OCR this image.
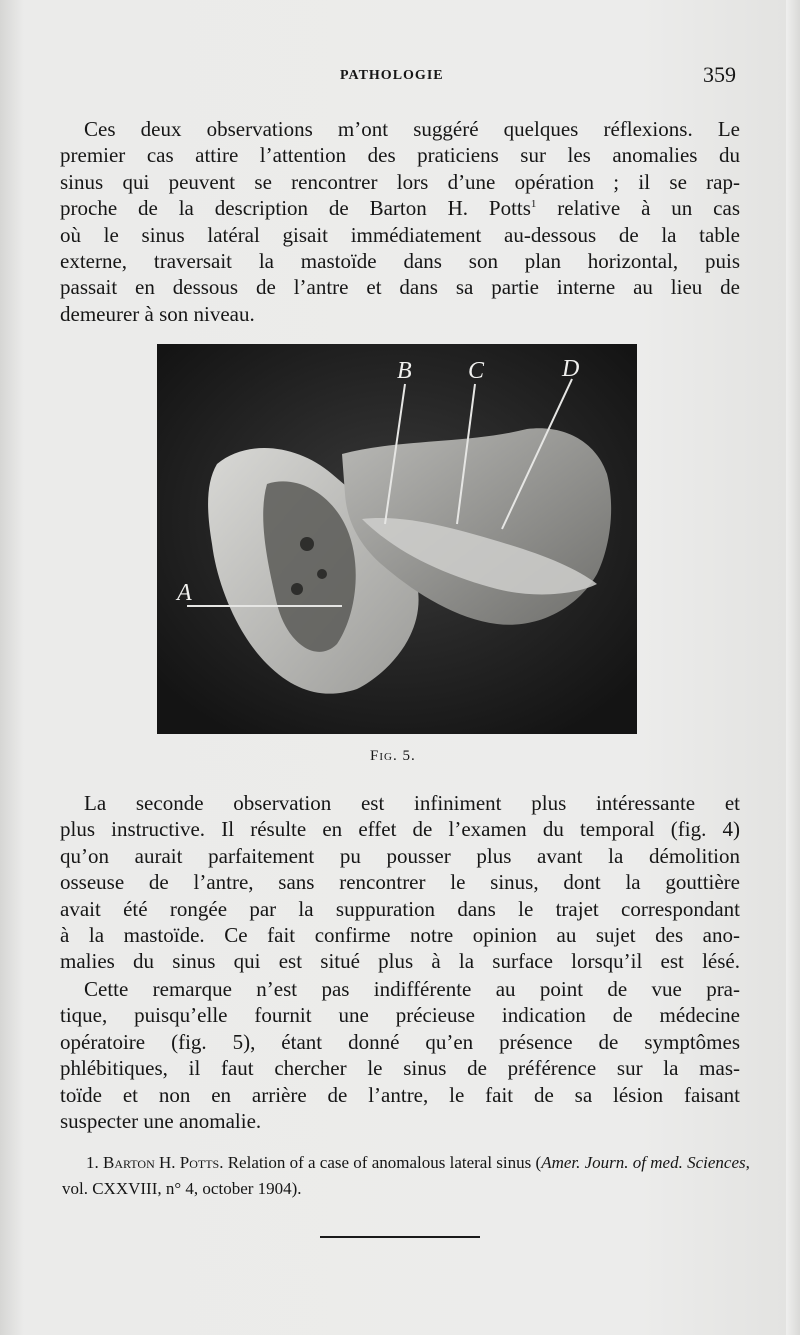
PATHOLOGIE	359
Ces deux observations m’ont suggéré quelques réflexions. Le
premier cas attire l’attention des praticiens sur les anomalies du
sinus qui peuvent se rencontrer lors d’une opération ; il se rap-
proche de la description de Barton H. Potts$^1$ relative à un cas
où le sinus latéral gisait immédiatement au-dessous de la table
externe, traversait la mastoïde dans son plan horizontal, puis
passait en dessous de l’antre et dans sa partie interne au lieu de
demeurer à son niveau.
A
B C	D
Fig. 5.
La seconde observation est infiniment plus intéressante et
plus instructive. Il résulte en effet de l’examen du temporal (fig. 4)
qu’on aurait parfaitement pu pousser plus avant la démolition
osseuse de l’antre, sans rencontrer le sinus, dont la gouttière
avait été rongée par la suppuration dans le trajet correspondant
à la mastoïde. Ce fait confirme notre opinion au sujet des ano-
malies du sinus qui est situé plus à la surface lorsqu’il est lésé.
Cette remarque n’est pas indifférente au point de vue pra-
tique, puisqu’elle fournit une précieuse indication de médecine
opératoire (fig. 5), étant donné qu’en présence de symptômes
phlébitiques, il faut chercher le sinus de préférence sur la mas-
toïde et non en arrière de l’antre, le fait de sa lésion faisant
suspecter une anomalie.
1. Barton H. Potts. Relation of a case of anomalous lateral sinus (Amer. Journ. of med. Sciences, vol. CXXVIII, n° 4, october 1904).
